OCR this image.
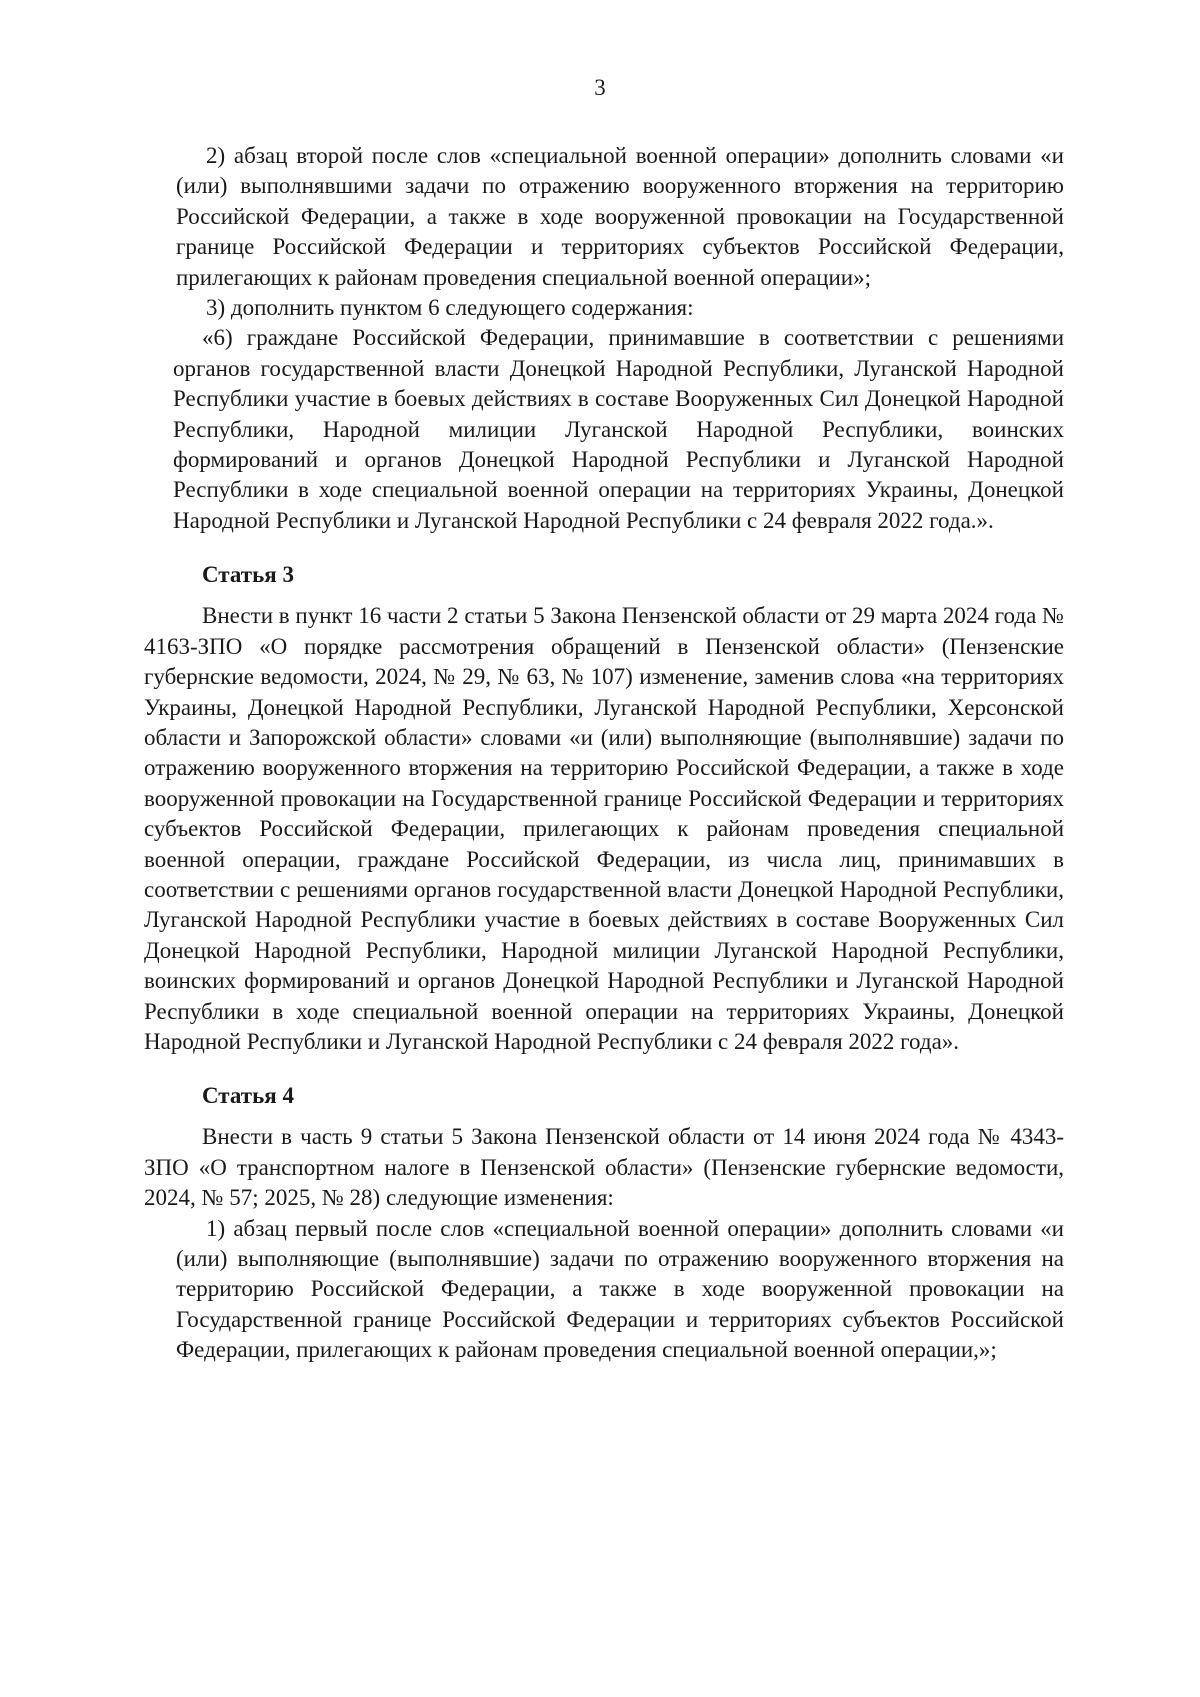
3

2) абзац второй после слов «специальной военной операции» дополнить словами «и (или) выполнявшими задачи по отражению вооруженного вторжения на территорию Российской Федерации, а также в ходе вооруженной провокации на Государственной границе Российской Федерации и территориях субъектов Российской Федерации, прилегающих к районам проведения специальной военной операции»;

3) дополнить пунктом 6 следующего содержания:

«6) граждане Российской Федерации, принимавшие в соответствии с решениями органов государственной власти Донецкой Народной Республики, Луганской Народной Республики участие в боевых действиях в составе Вооруженных Сил Донецкой Народной Республики, Народной милиции Луганской Народной Республики, воинских формирований и органов Донецкой Народной Республики и Луганской Народной Республики в ходе специальной военной операции на территориях Украины, Донецкой Народной Республики и Луганской Народной Республики с 24 февраля 2022 года.».

Статья 3

Внести в пункт 16 части 2 статьи 5 Закона Пензенской области от 29 марта 2024 года № 4163-ЗПО «О порядке рассмотрения обращений в Пензенской области» (Пензенские губернские ведомости, 2024, № 29, № 63, № 107) изменение, заменив слова «на территориях Украины, Донецкой Народной Республики, Луганской Народной Республики, Херсонской области и Запорожской области» словами «и (или) выполняющие (выполнявшие) задачи по отражению вооруженного вторжения на территорию Российской Федерации, а также в ходе вооруженной провокации на Государственной границе Российской Федерации и территориях субъектов Российской Федерации, прилегающих к районам проведения специальной военной операции, граждане Российской Федерации, из числа лиц, принимавших в соответствии с решениями органов государственной власти Донецкой Народной Республики, Луганской Народной Республики участие в боевых действиях в составе Вооруженных Сил Донецкой Народной Республики, Народной милиции Луганской Народной Республики, воинских формирований и органов Донецкой Народной Республики и Луганской Народной Республики в ходе специальной военной операции на территориях Украины, Донецкой Народной Республики и Луганской Народной Республики с 24 февраля 2022 года».

Статья 4

Внести в часть 9 статьи 5 Закона Пензенской области от 14 июня 2024 года № 4343-ЗПО «О транспортном налоге в Пензенской области» (Пензенские губернские ведомости, 2024, № 57; 2025, № 28) следующие изменения:

1) абзац первый после слов «специальной военной операции» дополнить словами «и (или) выполняющие (выполнявшие) задачи по отражению вооруженного вторжения на территорию Российской Федерации, а также в ходе вооруженной провокации на Государственной границе Российской Федерации и территориях субъектов Российской Федерации, прилегающих к районам проведения специальной военной операции,»;
